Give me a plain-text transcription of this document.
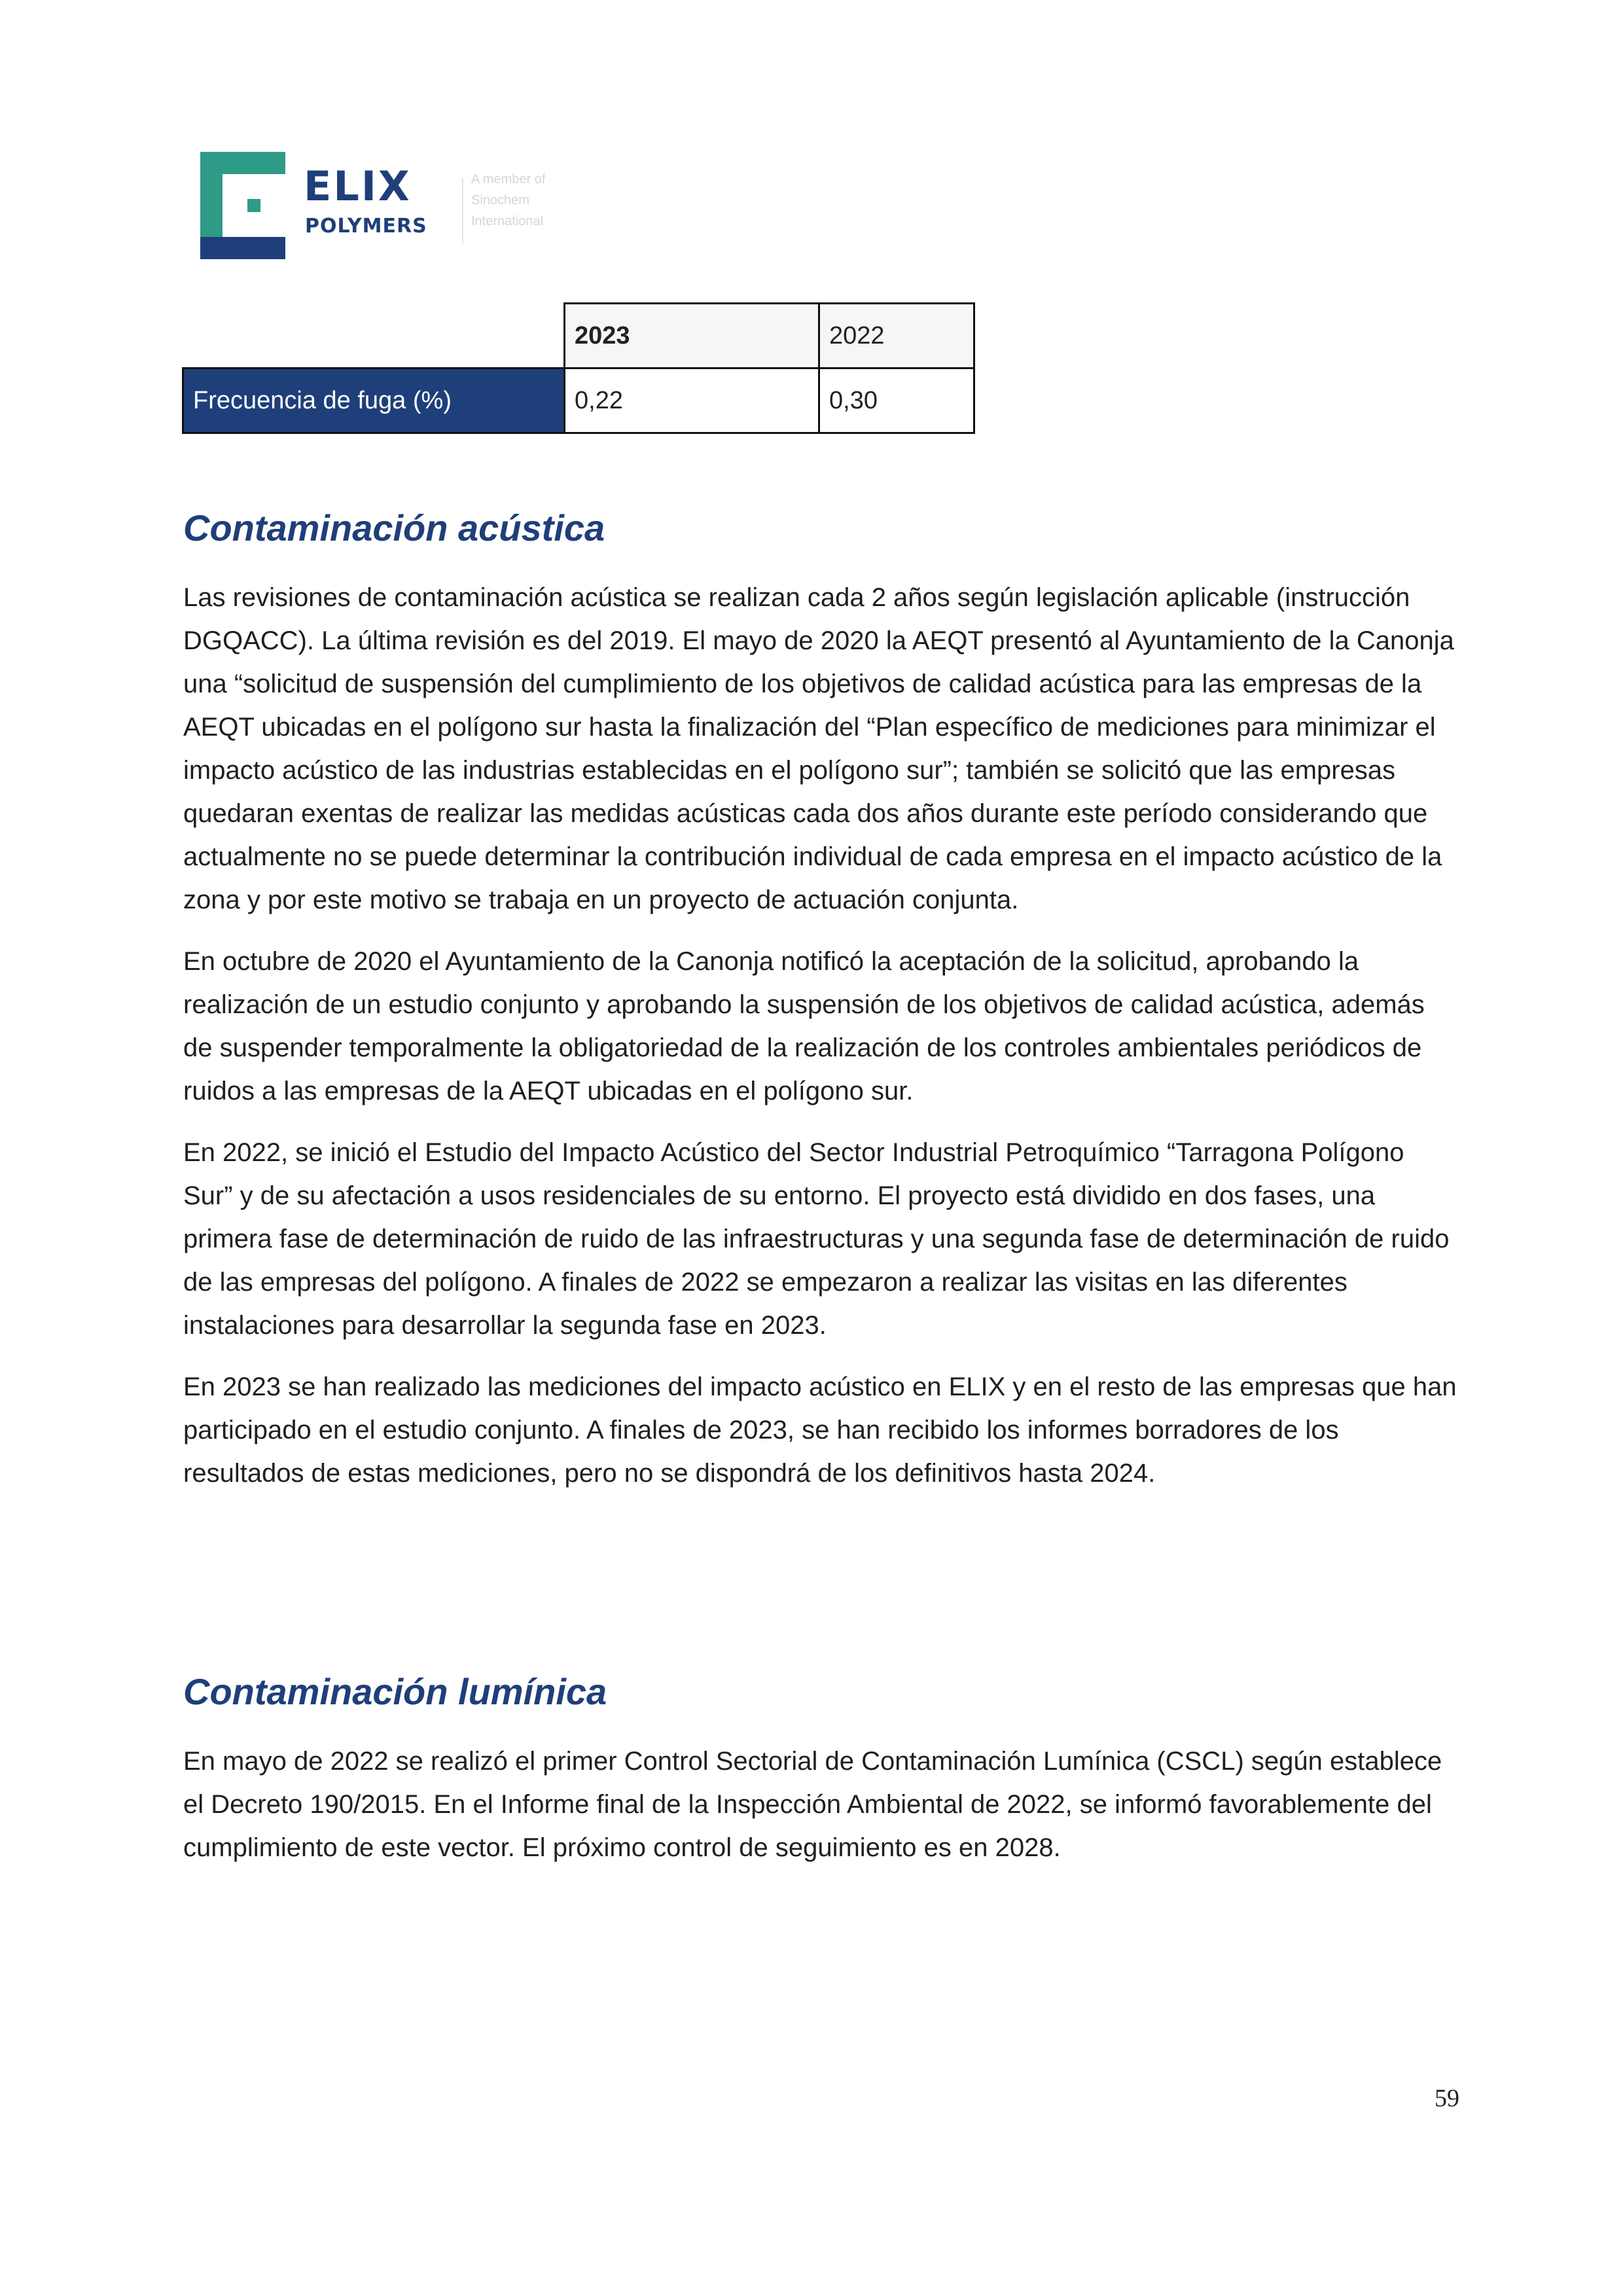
ELIX
POLYMERS
A member of
Sinochem
International
	2023	2022
Frecuencia de fuga (%)	0,22	0,30
Contaminación acústica

Las revisiones de contaminación acústica se realizan cada 2 años según legislación aplicable (instrucción DGQACC). La última revisión es del 2019. El mayo de 2020 la AEQT presentó al Ayuntamiento de la Canonja una “solicitud de suspensión del cumplimiento de los objetivos de calidad acústica para las empresas de la AEQT ubicadas en el polígono sur hasta la finalización del “Plan específico de mediciones para minimizar el impacto acústico de las industrias establecidas en el polígono sur”; también se solicitó que las empresas quedaran exentas de realizar las medidas acústicas cada dos años durante este período considerando que actualmente no se puede determinar la contribución individual de cada empresa en el impacto acústico de la zona y por este motivo se trabaja en un proyecto de actuación conjunta.

En octubre de 2020 el Ayuntamiento de la Canonja notificó la aceptación de la solicitud, aprobando la realización de un estudio conjunto y aprobando la suspensión de los objetivos de calidad acústica, además de suspender temporalmente la obligatoriedad de la realización de los controles ambientales periódicos de ruidos a las empresas de la AEQT ubicadas en el polígono sur.

En 2022, se inició el Estudio del Impacto Acústico del Sector Industrial Petroquímico “Tarragona Polígono Sur” y de su afectación a usos residenciales de su entorno. El proyecto está dividido en dos fases, una primera fase de determinación de ruido de las infraestructuras y una segunda fase de determinación de ruido de las empresas del polígono. A finales de 2022 se empezaron a realizar las visitas en las diferentes instalaciones para desarrollar la segunda fase en 2023.

En 2023 se han realizado las mediciones del impacto acústico en ELIX y en el resto de las empresas que han participado en el estudio conjunto. A finales de 2023, se han recibido los informes borradores de los resultados de estas mediciones, pero no se dispondrá de los definitivos hasta 2024.

Contaminación lumínica

En mayo de 2022 se realizó el primer Control Sectorial de Contaminación Lumínica (CSCL) según establece el Decreto 190/2015. En el Informe final de la Inspección Ambiental de 2022, se informó favorablemente del cumplimiento de este vector. El próximo control de seguimiento es en 2028.

59
